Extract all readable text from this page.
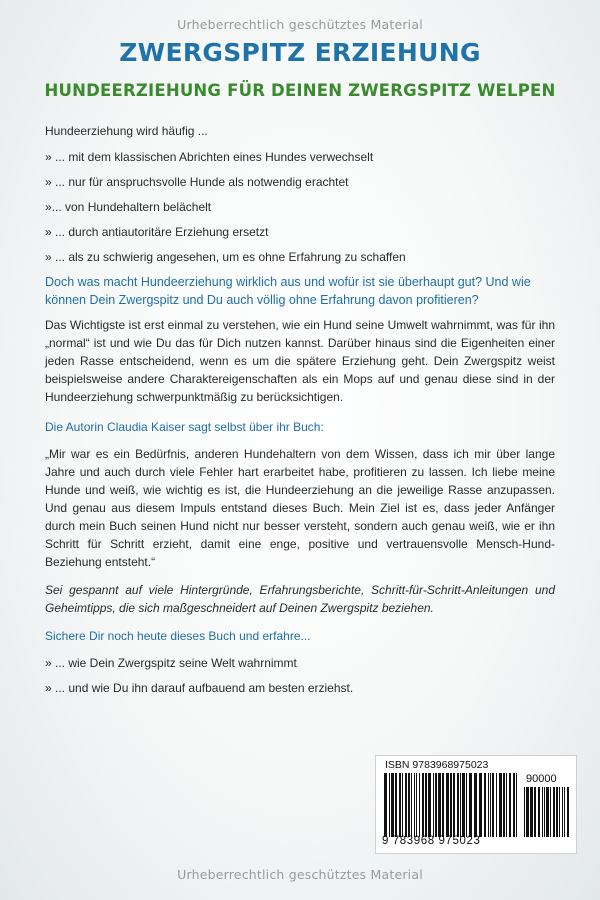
Urheberrechtlich geschütztes Material
ZWERGSPITZ ERZIEHUNG
HUNDEERZIEHUNG FÜR DEINEN ZWERGSPITZ WELPEN

Hundeerziehung wird häufig ...

» ... mit dem klassischen Abrichten eines Hundes verwechselt
» ... nur für anspruchsvolle Hunde als notwendig erachtet
»... von Hundehaltern belächelt
» ... durch antiautoritäre Erziehung ersetzt
» ... als zu schwierig angesehen, um es ohne Erfahrung zu schaffen

Doch was macht Hundeerziehung wirklich aus und wofür ist sie überhaupt gut? Und wie können Dein Zwergspitz und Du auch völlig ohne Erfahrung davon profitieren?

Das Wichtigste ist erst einmal zu verstehen, wie ein Hund seine Umwelt wahrnimmt, was für ihn „normal“ ist und wie Du das für Dich nutzen kannst. Darüber hinaus sind die Eigenheiten einer jeden Rasse entscheidend, wenn es um die spätere Erziehung geht. Dein Zwergspitz weist beispielsweise andere Charaktereigenschaften als ein Mops auf und genau diese sind in der Hundeerziehung schwerpunktmäßig zu berücksichtigen.

Die Autorin Claudia Kaiser sagt selbst über ihr Buch:

„Mir war es ein Bedürfnis, anderen Hundehaltern von dem Wissen, dass ich mir über lange Jahre und auch durch viele Fehler hart erarbeitet habe, profitieren zu lassen. Ich liebe meine Hunde und weiß, wie wichtig es ist, die Hundeerziehung an die jeweilige Rasse anzupassen. Und genau aus diesem Impuls entstand dieses Buch. Mein Ziel ist es, dass jeder Anfänger durch mein Buch seinen Hund nicht nur besser versteht, sondern auch genau weiß, wie er ihn Schritt für Schritt erzieht, damit eine enge, positive und vertrauensvolle Mensch-Hund-Beziehung entsteht.“

Sei gespannt auf viele Hintergründe, Erfahrungsberichte, Schritt-für-Schritt-Anleitungen und Geheimtipps, die sich maßgeschneidert auf Deinen Zwergspitz beziehen.

Sichere Dir noch heute dieses Buch und erfahre...

» ... wie Dein Zwergspitz seine Welt wahrnimmt
» ... und wie Du ihn darauf aufbauend am besten erziehst.
ISBN 9783968975023
90000
9 783968 975023
Urheberrechtlich geschütztes Material
